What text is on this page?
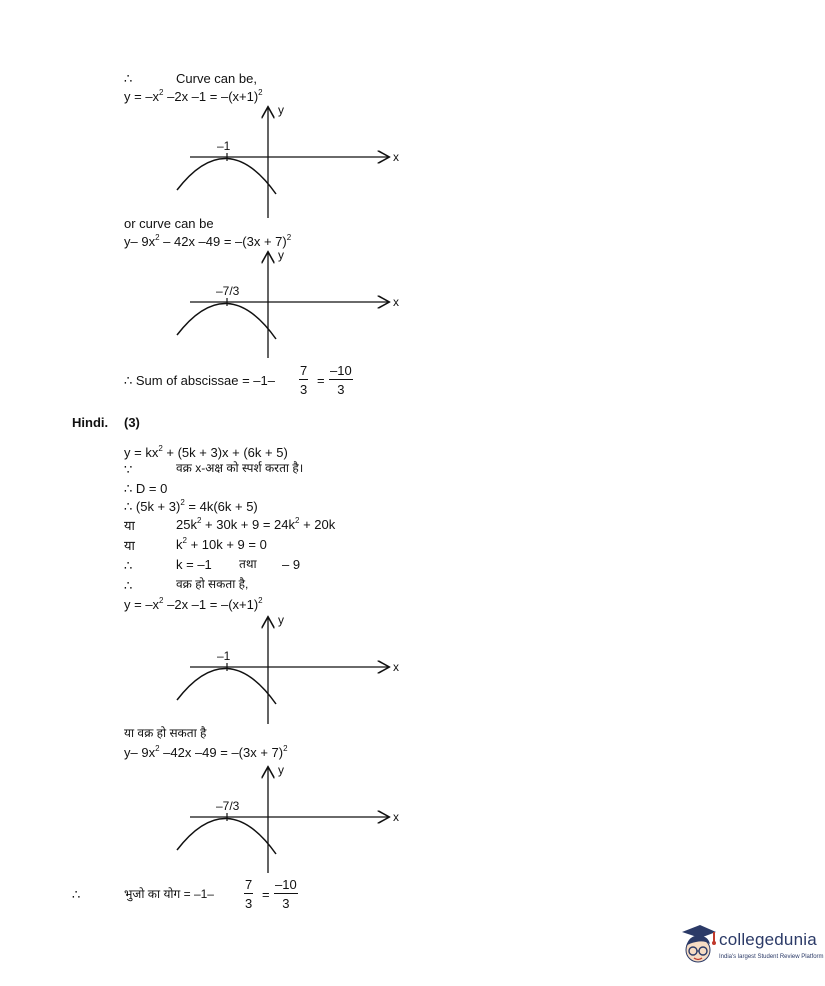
∴	Curve can be,
$y = -x^2$ –2x $-1 = -(x+1)^2$
–1
x
y
or curve can be
y– $9x^2 - 42x$ $-49 = -(3x + 7)^2$
–7/3
x
y
∴ Sum of abscissae = $-1- \frac{7}{3} = \frac{-10}{3}$
Hindi. (3)
$y = kx^2 + (5k + 3)x + (6k + 5)$
∵	वक्र x-अक्ष को स्पर्श करता है।
∴ D = 0
∴ $(5k + 3)^2 = 4k(6k + 5)$
या	$25k^2 + 30k + 9 = 24k^2 + 20k$
या	$k^2 + 10k + 9 = 0$
∴	k = –1 तथा – 9
∴	वक्र हो सकता है,
$y = -x^2$ –2x $-1 = -(x+1)^2$
–1
x
y
या वक्र हो सकता है
y– $9x^2$ –42x $-49 = -(3x + 7)^2$
–7/3
x
y
∴	भुजो का योग = $-1- \frac{7}{3} = \frac{-10}{3}$
collegedunia
India's largest Student Review Platform
